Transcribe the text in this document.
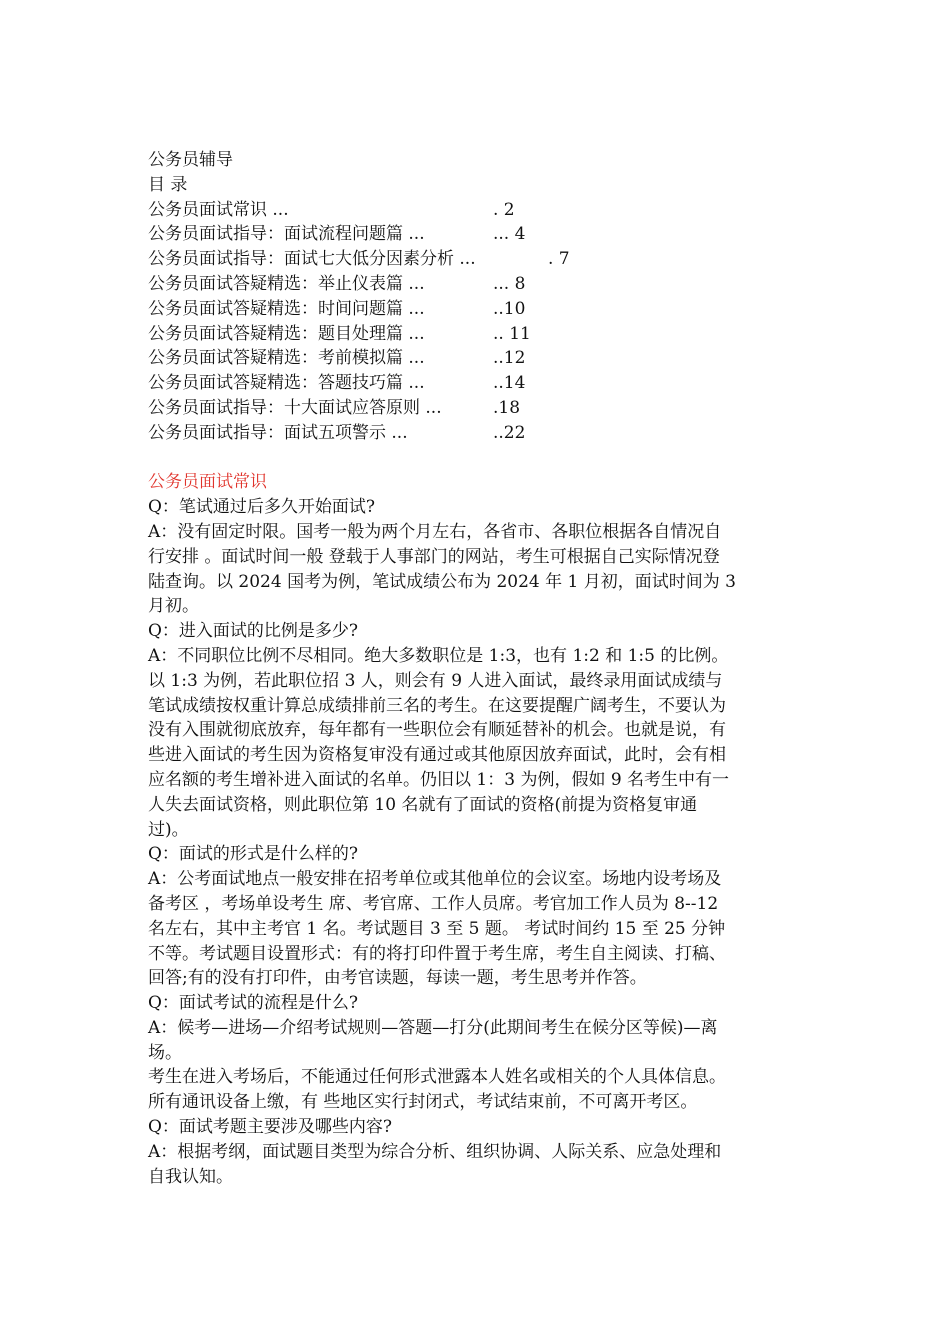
公务员辅导
目 录
公务员面试常识 ...	. 2
公务员面试指导：面试流程问题篇 ...	... 4
公务员面试指导：面试七大低分因素分析 ...	. 7
公务员面试答疑精选：举止仪表篇 ...	... 8
公务员面试答疑精选：时间问题篇 ...	..10
公务员面试答疑精选：题目处理篇 ...	.. 11
公务员面试答疑精选：考前模拟篇 ...	..12
公务员面试答疑精选：答题技巧篇 ...	..14
公务员面试指导：十大面试应答原则 ...	.18
公务员面试指导：面试五项警示 ...	..22
公务员面试常识
Q：笔试通过后多久开始面试?
A：没有固定时限。国考一般为两个月左右，各省市、各职位根据各自情况自
行安排 。面试时间一般 登载于人事部门的网站，考生可根据自己实际情况登
陆查询。以 2024 国考为例，笔试成绩公布为 2024 年 1 月初，面试时间为 3
月初。
Q：进入面试的比例是多少?
A：不同职位比例不尽相同。绝大多数职位是 1:3，也有 1:2 和 1:5 的比例。
以 1:3 为例，若此职位招 3 人，则会有 9 人进入面试，最终录用面试成绩与
笔试成绩按权重计算总成绩排前三名的考生。在这要提醒广阔考生，不要认为
没有入围就彻底放弃，每年都有一些职位会有顺延替补的机会。也就是说，有
些进入面试的考生因为资格复审没有通过或其他原因放弃面试，此时，会有相
应名额的考生增补进入面试的名单。仍旧以 1：3 为例，假如 9 名考生中有一
人失去面试资格，则此职位第 10 名就有了面试的资格(前提为资格复审通
过)。
Q：面试的形式是什么样的?
A：公考面试地点一般安排在招考单位或其他单位的会议室。场地内设考场及
备考区 ，考场单设考生 席、考官席、工作人员席。考官加工作人员为 8--12
名左右，其中主考官 1 名。考试题目 3 至 5 题。 考试时间约 15 至 25 分钟
不等。考试题目设置形式：有的将打印件置于考生席，考生自主阅读、打稿、
回答;有的没有打印件，由考官读题，每读一题，考生思考并作答。
Q：面试考试的流程是什么?
A：候考—进场—介绍考试规则—答题—打分(此期间考生在候分区等候)—离
场。
考生在进入考场后，不能通过任何形式泄露本人姓名或相关的个人具体信息。
所有通讯设备上缴，有 些地区实行封闭式，考试结束前，不可离开考区。
Q：面试考题主要涉及哪些内容?
A：根据考纲，面试题目类型为综合分析、组织协调、人际关系、应急处理和
自我认知。
